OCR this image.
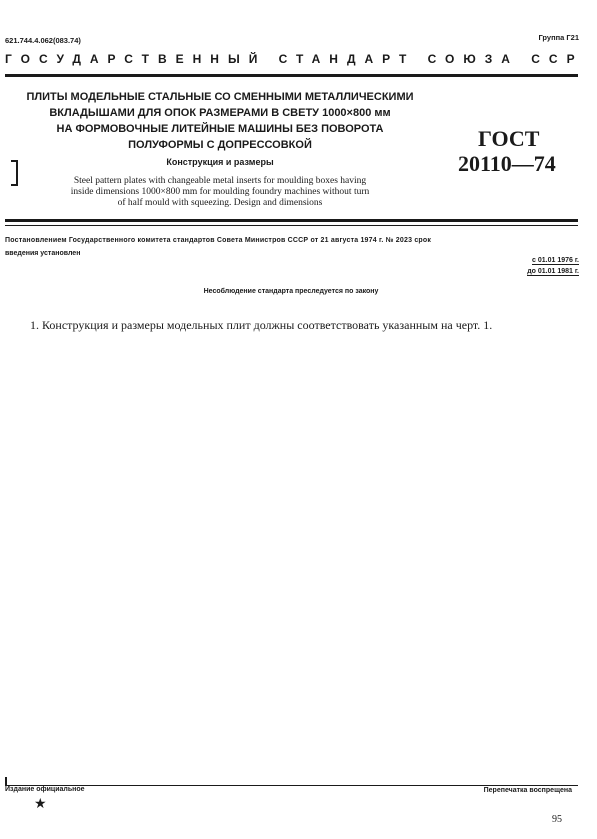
621.744.4.062(083.74)	Группа Г21
ГОСУДАРСТВЕННЫЙ СТАНДАРТ СОЮЗА ССР
ПЛИТЫ МОДЕЛЬНЫЕ СТАЛЬНЫЕ СО СМЕННЫМИ МЕТАЛЛИЧЕСКИМИ
ВКЛАДЫШАМИ ДЛЯ ОПОК РАЗМЕРАМИ В СВЕТУ 1000×800 мм
НА ФОРМОВОЧНЫЕ ЛИТЕЙНЫЕ МАШИНЫ БЕЗ ПОВОРОТА
ПОЛУФОРМЫ С ДОПРЕССОВКОЙ
Конструкция и размеры
Steel pattern plates with changeable metal inserts for moulding boxes having
inside dimensions 1000×800 mm for moulding foundry machines without turn
of half mould with squeezing. Design and dimensions
ГОСТ
20110—74
Постановлением Государственного комитета стандартов Совета Министров СССР от 21 августа 1974 г. № 2023 срок
введения установлен
с 01.01 1976 г.
до 01.01 1981 г.
Несоблюдение стандарта преследуется по закону
1. Конструкция и размеры модельных плит должны соответствовать указанным на черт. 1.
Издание официальное
★
Перепечатка воспрещена
95
